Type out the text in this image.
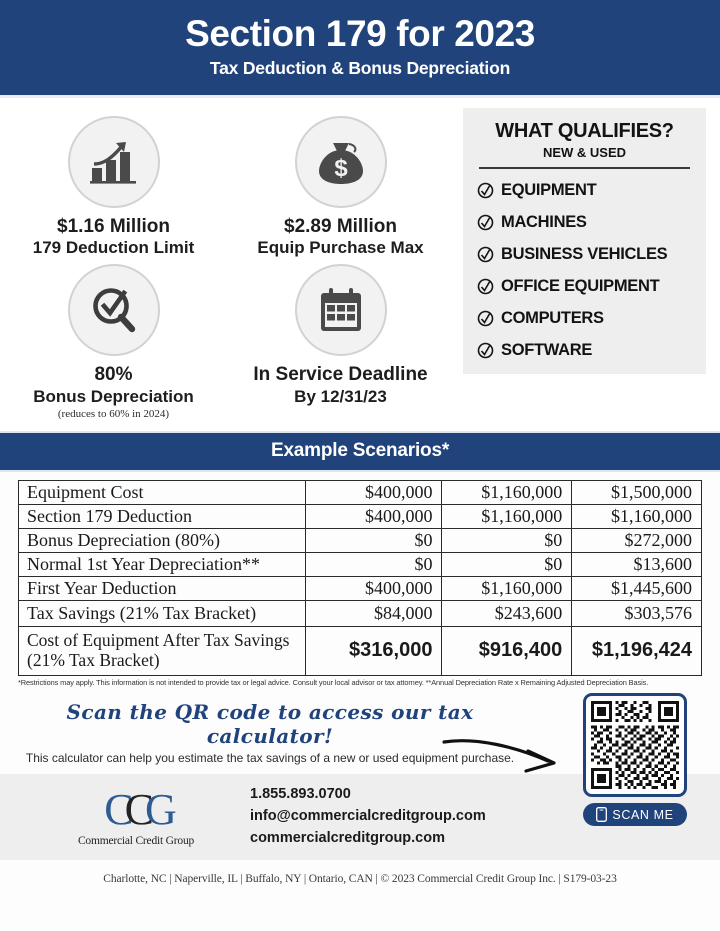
Section 179 for 2023
Tax Deduction & Bonus Depreciation
$1.16 Million
179 Deduction Limit
$
$2.89 Million
Equip Purchase Max
80%
Bonus Depreciation
(reduces to 60% in 2024)
In Service Deadline
By 12/31/23
WHAT QUALIFIES?
NEW & USED
EQUIPMENT
MACHINES
BUSINESS VEHICLES
OFFICE EQUIPMENT
COMPUTERS
SOFTWARE
Example Scenarios*
Equipment Cost	$400,000	$1,160,000	$1,500,000
Section 179 Deduction	$400,000	$1,160,000	$1,160,000
Bonus Depreciation (80%)	$0	$0	$272,000
Normal 1st Year Depreciation**	$0	$0	$13,600
First Year Deduction	$400,000	$1,160,000	$1,445,600
Tax Savings (21% Tax Bracket)	$84,000	$243,600	$303,576
Cost of Equipment After Tax Savings (21% Tax Bracket)	$316,000	$916,400	$1,196,424
*Restrictions may apply. This information is not intended to provide tax or legal advice. Consult your local advisor or tax attorney. **Annual Depreciation Rate x Remaining Adjusted Depreciation Basis.
Scan the QR code to access our tax calculator!
This calculator can help you estimate the tax savings of a new or used equipment purchase.
SCAN ME
CCG
Commercial Credit Group
1.855.893.0700
info@commercialcreditgroup.com
commercialcreditgroup.com
Charlotte, NC | Naperville, IL | Buffalo, NY | Ontario, CAN | © 2023 Commercial Credit Group Inc. | S179-03-23
